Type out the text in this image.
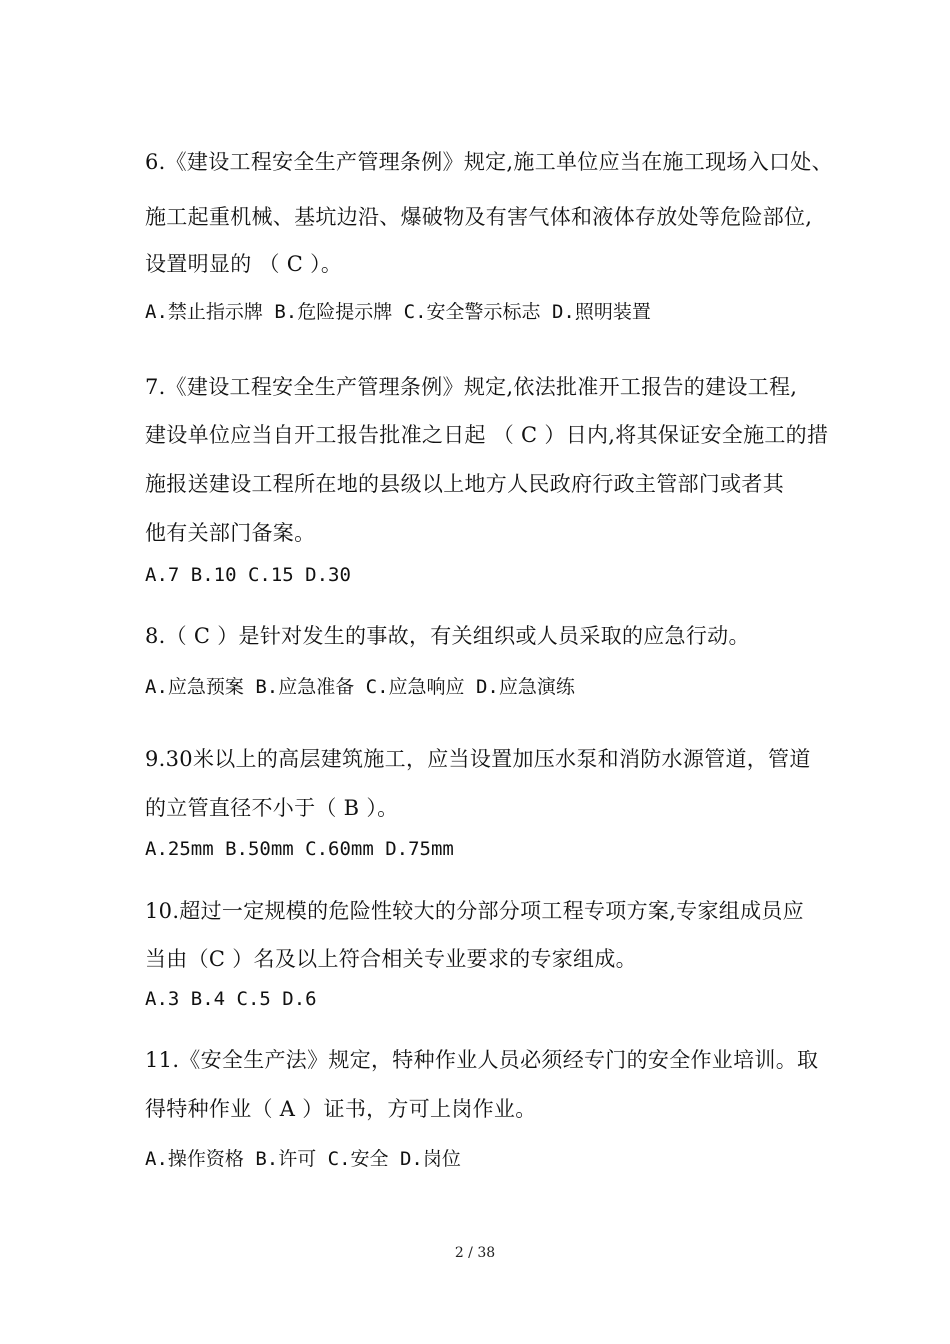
6.《建设工程安全生产管理条例》规定,施工单位应当在施工现场入口处、
施工起重机械、基坑边沿、爆破物及有害气体和液体存放处等危险部位,
设置明显的 （ C ）。
A.禁止指示牌 B.危险提示牌 C.安全警示标志 D.照明装置
7.《建设工程安全生产管理条例》规定,依法批准开工报告的建设工程,
建设单位应当自开工报告批准之日起 （ C ）日内,将其保证安全施工的措
施报送建设工程所在地的县级以上地方人民政府行政主管部门或者其
他有关部门备案。
A.7 B.10 C.15 D.30
8.（ C ）是针对发生的事故，有关组织或人员采取的应急行动。
A.应急预案 B.应急准备 C.应急响应 D.应急演练
9.30米以上的高层建筑施工，应当设置加压水泵和消防水源管道，管道
的立管直径不小于（ B ）。
A.25mm B.50mm C.60mm D.75mm
10.超过一定规模的危险性较大的分部分项工程专项方案,专家组成员应
当由（C ）名及以上符合相关专业要求的专家组成。
A.3 B.4 C.5 D.6
11.《安全生产法》规定，特种作业人员必须经专门的安全作业培训。取
得特种作业（ A ）证书，方可上岗作业。
A.操作资格 B.许可 C.安全 D.岗位
2 / 38
